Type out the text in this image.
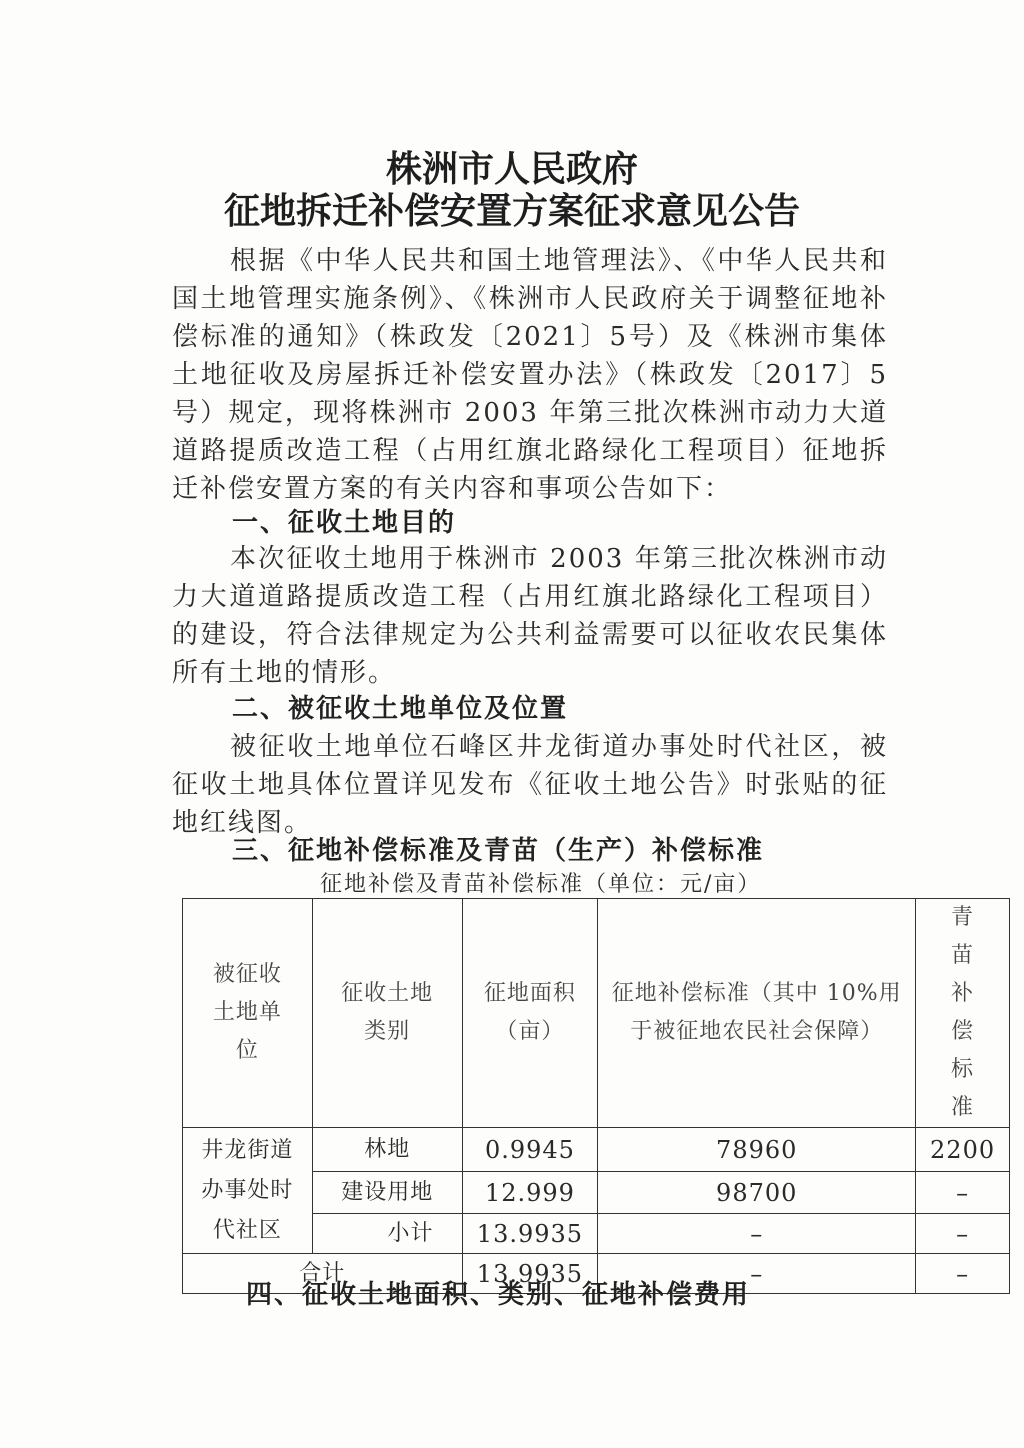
株洲市人民政府
征地拆迁补偿安置方案征求意见公告

根据《中华人民共和国土地管理法》、《中华人民共和国土地管理实施条例》、《株洲市人民政府关于调整征地补偿标准的通知》（株政发〔2021〕5号）及《株洲市集体土地征收及房屋拆迁补偿安置办法》（株政发〔2017〕5号）规定，现将株洲市 2003 年第三批次株洲市动力大道道路提质改造工程（占用红旗北路绿化工程项目）征地拆迁补偿安置方案的有关内容和事项公告如下：

一、征收土地目的

本次征收土地用于株洲市 2003 年第三批次株洲市动力大道道路提质改造工程（占用红旗北路绿化工程项目）的建设，符合法律规定为公共利益需要可以征收农民集体所有土地的情形。

二、被征收土地单位及位置

被征收土地单位石峰区井龙街道办事处时代社区，被征收土地具体位置详见发布《征收土地公告》时张贴的征地红线图。

三、征地补偿标准及青苗（生产）补偿标准

征地补偿及青苗补偿标准（单位：元/亩）

被征收土地单位	征收土地类别	征地面积（亩）	征地补偿标准（其中 10%用于被征地农民社会保障）	青苗补偿标准

井龙街道办事处时代社区	林地	0.9945	78960	2200
	建设用地	12.999	98700	–
	小计	13.9935	–	–
合计		13.9935	–	–
四、征收土地面积、类别、征地补偿费用
